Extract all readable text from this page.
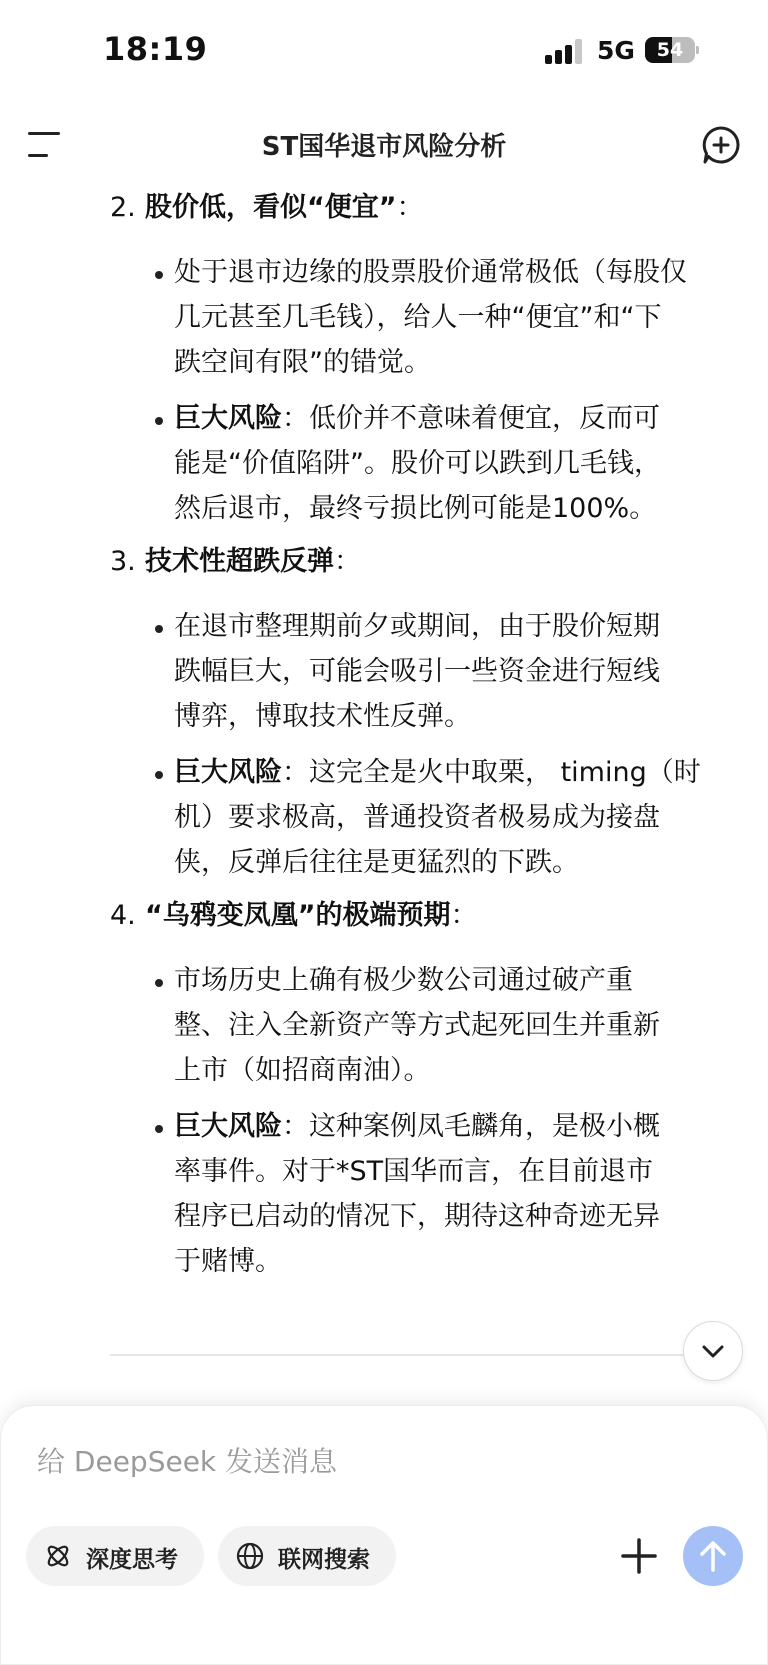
18:19	5G	54
ST国华退市风险分析
2. 股价低，看似“便宜”：
处于退市边缘的股票股价通常极低（每股仅
几元甚至几毛钱），给人一种“便宜”和“下
跌空间有限”的错觉。
巨大风险：低价并不意味着便宜，反而可
能是“价值陷阱”。股价可以跌到几毛钱，
然后退市，最终亏损比例可能是100%。
3. 技术性超跌反弹：
在退市整理期前夕或期间，由于股价短期
跌幅巨大，可能会吸引一些资金进行短线
博弈，博取技术性反弹。
巨大风险：这完全是火中取栗， timing（时
机）要求极高，普通投资者极易成为接盘
侠，反弹后往往是更猛烈的下跌。
4. “乌鸦变凤凰”的极端预期：
市场历史上确有极少数公司通过破产重
整、注入全新资产等方式起死回生并重新
上市（如招商南油）。
巨大风险：这种案例凤毛麟角，是极小概
率事件。对于*ST国华而言，在目前退市
程序已启动的情况下，期待这种奇迹无异
于赌博。
给 DeepSeek 发送消息
深度思考	联网搜索
